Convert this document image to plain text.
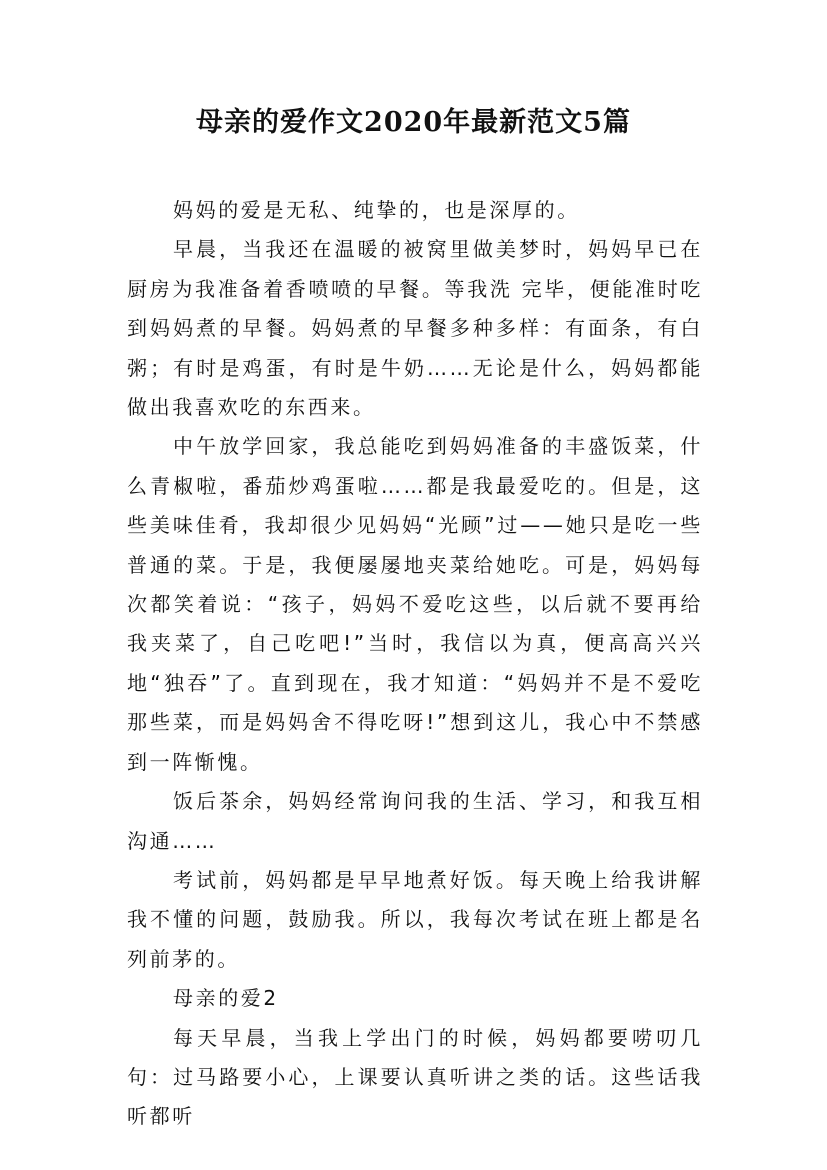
母亲的爱作文2020年最新范文5篇

妈妈的爱是无私、纯挚的，也是深厚的。

早晨，当我还在温暖的被窝里做美梦时，妈妈早已在厨房为我准备着香喷喷的早餐。等我洗 完毕，便能准时吃到妈妈煮的早餐。妈妈煮的早餐多种多样：有面条，有白粥；有时是鸡蛋，有时是牛奶……无论是什么，妈妈都能做出我喜欢吃的东西来。

中午放学回家，我总能吃到妈妈准备的丰盛饭菜，什么青椒啦，番茄炒鸡蛋啦……都是我最爱吃的。但是，这些美味佳肴，我却很少见妈妈“光顾”过——她只是吃一些普通的菜。于是，我便屡屡地夹菜给她吃。可是，妈妈每次都笑着说：“孩子，妈妈不爱吃这些，以后就不要再给我夹菜了，自己吃吧!”当时，我信以为真，便高高兴兴地“独吞”了。直到现在，我才知道：“妈妈并不是不爱吃那些菜，而是妈妈舍不得吃呀!”想到这儿，我心中不禁感到一阵惭愧。

饭后茶余，妈妈经常询问我的生活、学习，和我互相沟通……

考试前，妈妈都是早早地煮好饭。每天晚上给我讲解我不懂的问题，鼓励我。所以，我每次考试在班上都是名列前茅的。

母亲的爱2

每天早晨，当我上学出门的时候，妈妈都要唠叨几句：过马路要小心，上课要认真听讲之类的话。这些话我听都听
